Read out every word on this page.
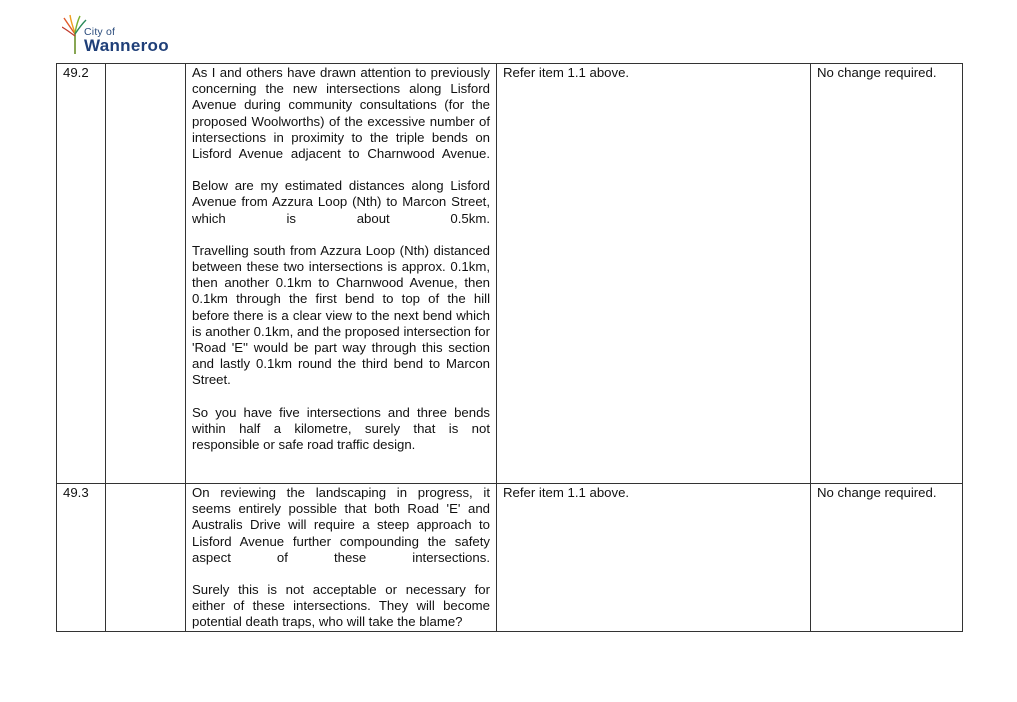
City of
Wanneroo
49.2		As I and others have drawn attention to previously concerning the new intersections along Lisford Avenue during community consultations (for the proposed Woolworths) of the excessive number of intersections in proximity to the triple bends on Lisford Avenue adjacent to Charnwood Avenue.
Below are my estimated distances along Lisford Avenue from Azzura Loop (Nth) to Marcon Street, which is about 0.5km.
Travelling south from Azzura Loop (Nth) distanced between these two intersections is approx. 0.1km, then another 0.1km to Charnwood Avenue, then 0.1km through the first bend to top of the hill before there is a clear view to the next bend which is another 0.1km, and the proposed intersection for 'Road 'E'' would be part way through this section and lastly 0.1km round the third bend to Marcon Street.
So you have five intersections and three bends within half a kilometre, surely that is not responsible or safe road traffic design.	Refer item 1.1 above.	No change required.
49.3		On reviewing the landscaping in progress, it seems entirely possible that both Road 'E' and Australis Drive will require a steep approach to Lisford Avenue further compounding the safety aspect of these intersections.
Surely this is not acceptable or necessary for either of these intersections. They will become potential death traps, who will take the blame?	Refer item 1.1 above.	No change required.
